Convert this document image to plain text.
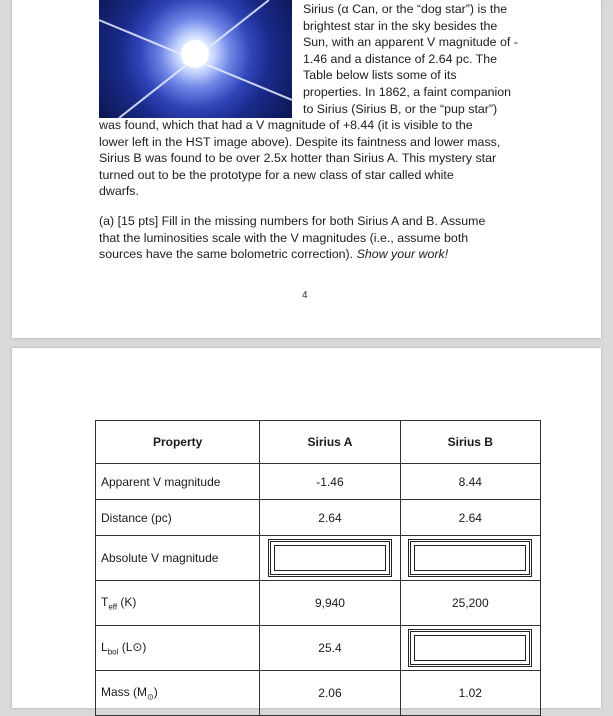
Sirius (α Can, or the “dog star”) is the
brightest star in the sky besides the
Sun, with an apparent V magnitude of -
1.46 and a distance of 2.64 pc. The
Table below lists some of its
properties. In 1862, a faint companion
to Sirius (Sirius B, or the “pup star”)
was found, which that had a V magnitude of +8.44 (it is visible to the
lower left in the HST image above). Despite its faintness and lower mass,
Sirius B was found to be over 2.5x hotter than Sirius A. This mystery star
turned out to be the prototype for a new class of star called white
dwarfs.
(a) [15 pts] Fill in the missing numbers for both Sirius A and B. Assume
that the luminosities scale with the V magnitudes (i.e., assume both
sources have the same bolometric correction). Show your work!
4
Property	Sirius A	Sirius B
Apparent V magnitude	-1.46	8.44
Distance (pc)	2.64	2.64
Absolute V magnitude	

$T_{eff}$ (K)	9,940	25,200
$L_{bol}$ (L⊙)	25.4	

Mass $(M_⊙)$	2.06	1.02
